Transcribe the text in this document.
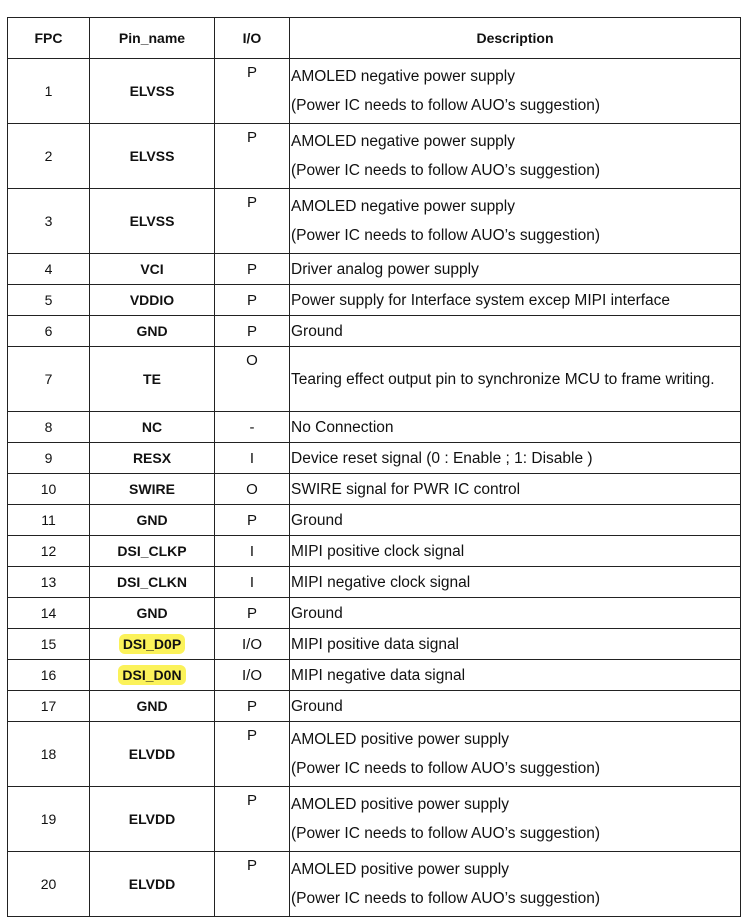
FPC	Pin_name	I/O	Description
1	ELVSS	P	AMOLED negative power supply
(Power IC needs to follow AUO’s suggestion)

2	ELVSS	P	AMOLED negative power supply
(Power IC needs to follow AUO’s suggestion)

3	ELVSS	P	AMOLED negative power supply
(Power IC needs to follow AUO’s suggestion)

4	VCI	P	Driver analog power supply
5	VDDIO	P	Power supply for Interface system excep MIPI interface
6	GND	P	Ground
7	TE	O	Tearing effect output pin to synchronize MCU to frame writing.
8	NC	-	No Connection
9	RESX	I	Device reset signal (0 : Enable ; 1: Disable )
10	SWIRE	O	SWIRE signal for PWR IC control
11	GND	P	Ground
12	DSI_CLKP	I	MIPI positive clock signal
13	DSI_CLKN	I	MIPI negative clock signal
14	GND	P	Ground
15	DSI_D0P	I/O	MIPI positive data signal
16	DSI_D0N	I/O	MIPI negative data signal
17	GND	P	Ground
18	ELVDD	P	AMOLED positive power supply
(Power IC needs to follow AUO’s suggestion)

19	ELVDD	P	AMOLED positive power supply
(Power IC needs to follow AUO’s suggestion)

20	ELVDD	P	AMOLED positive power supply
(Power IC needs to follow AUO’s suggestion)
